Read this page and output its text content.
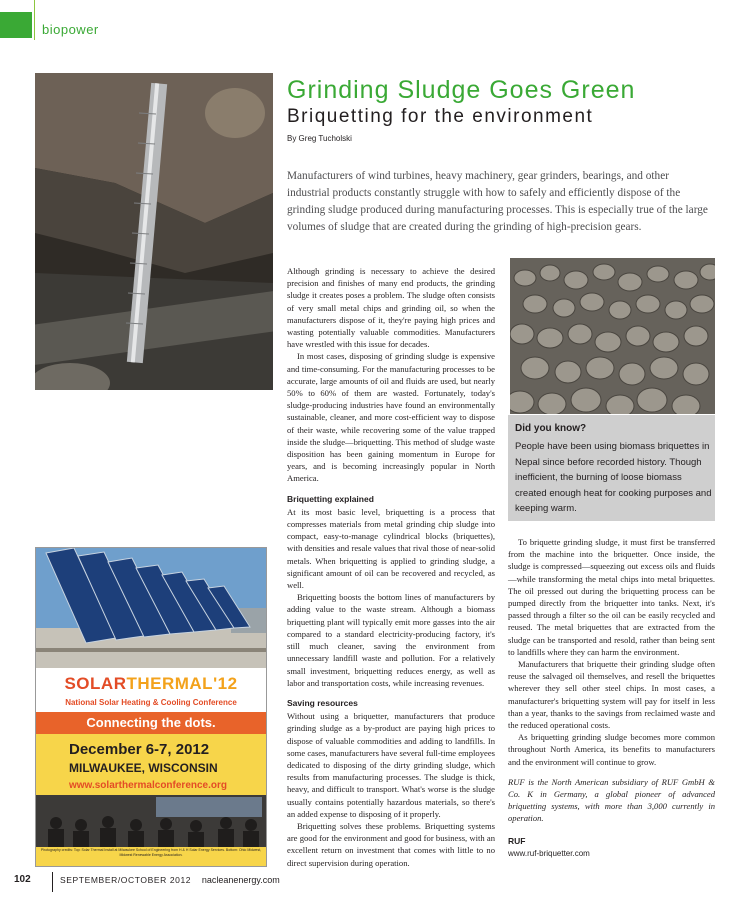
biopower
Grinding Sludge Goes Green
Briquetting for the environment
By Greg Tucholski
Manufacturers of wind turbines, heavy machinery, gear grinders, bearings, and other industrial products constantly struggle with how to safely and efficiently dispose of the grinding sludge produced during manufacturing processes. This is especially true of the large volumes of sludge that are created during the grinding of high-precision gears.

Although grinding is necessary to achieve the desired precision and finishes of many end products, the grinding sludge it creates poses a problem. The sludge often consists of very small metal chips and grinding oil, so when the manufacturers dispose of it, they're paying high prices and wasting potentially valuable commodities. Manufacturers have wrestled with this issue for decades.

In most cases, disposing of grinding sludge is expensive and time-consuming. For the manufacturing processes to be accurate, large amounts of oil and fluids are used, but nearly 50% to 60% of them are wasted. Fortunately, today's sludge-producing industries have found an environmentally sustainable, cleaner, and more cost-efficient way to dispose of their waste, while recovering some of the value trapped inside the sludge—briquetting. This method of sludge waste disposition has been gaining momentum in Europe for years, and is becoming increasingly popular in North America.

Briquetting explained

At its most basic level, briquetting is a process that compresses materials from metal grinding chip sludge into compact, easy-to-manage cylindrical blocks (briquettes), with densities and resale values that rival those of near-solid metals. When briquetting is applied to grinding sludge, a significant amount of oil can be recovered and recycled, as well.

Briquetting boosts the bottom lines of manufacturers by adding value to the waste stream. Although a biomass briquetting plant will typically emit more gasses into the air compared to a standard electricity-producing factory, it's still much cleaner, saving the environment from unnecessary landfill waste and pollution. For a relatively small investment, briquetting reduces energy, as well as labor and transportation costs, while increasing revenues.

Saving resources

Without using a briquetter, manufacturers that produce grinding sludge as a by-product are paying high prices to dispose of valuable commodities and adding to landfills. In some cases, manufacturers have several full-time employees dedicated to disposing of the dirty grinding sludge, which results from manufacturing processes. The sludge is thick, heavy, and difficult to transport. What's worse is the sludge usually contains potentially hazardous materials, so there's an added expense to disposing of it properly.

Briquetting solves these problems. Briquetting systems are good for the environment and good for business, with an excellent return on investment that comes with little to no direct supervision during operation.

Did you know?
People have been using biomass briquettes in Nepal since before recorded history. Though inefficient, the burning of loose biomass created enough heat for cooking purposes and keeping warm.

To briquette grinding sludge, it must first be transferred from the machine into the briquetter. Once inside, the sludge is compressed—squeezing out excess oils and fluids—while transforming the metal chips into metal briquettes. The oil pressed out during the briquetting process can be pumped directly from the briquetter into tanks. Next, it's passed through a filter so the oil can be easily recycled and reused. The metal briquettes that are extracted from the sludge can be transported and resold, rather than being sent to landfills where they can harm the environment.

Manufacturers that briquette their grinding sludge often reuse the salvaged oil themselves, and resell the briquettes wherever they sell other steel chips. In most cases, a manufacturer's briquetting system will pay for itself in less than a year, thanks to the savings from reclaimed waste and the reduced operational costs.

As briquetting grinding sludge becomes more common throughout North America, its benefits to manufacturers and the environment will continue to grow.

RUF is the North American subsidiary of RUF GmbH & Co. K in Germany, a global pioneer of advanced briquetting systems, with more than 3,000 currently in operation.

RUF

www.ruf-briquetter.com

SOLARTHERMAL'12
National Solar Heating & Cooling Conference
Connecting the dots.
December 6-7, 2012
MILWAUKEE, WISCONSIN
www.solarthermalconference.org
Photography credits: Top: Solar Thermal Install at Milwaukee School of Engineering from H & H Solar Energy Services. Bottom: Ohio Midwest, Midwest Renewable Energy Association.
102	SEPTEMBER/OCTOBER 2012 nacleanenergy.com
